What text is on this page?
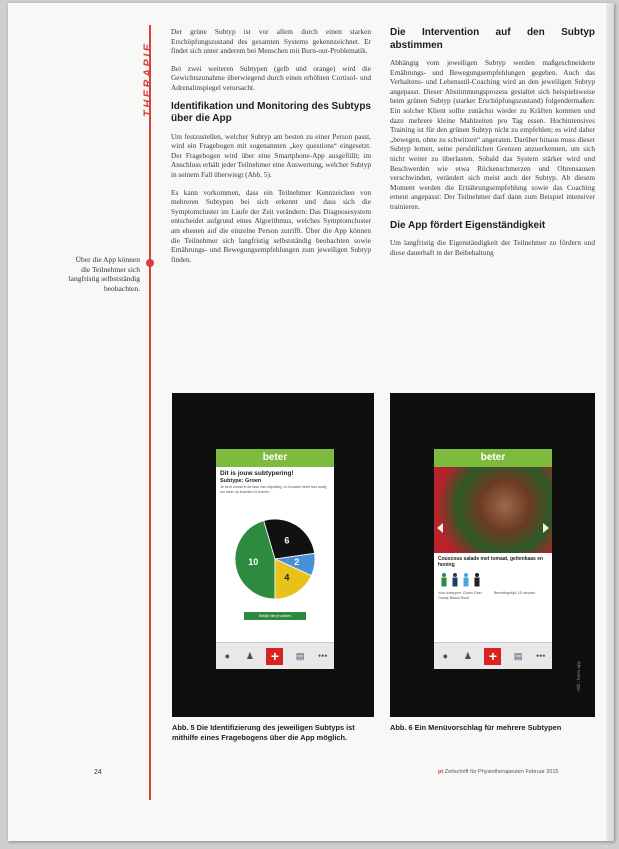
THERAPIE
Über die App können die Teilnehmer sich langfristig selbstständig beobachten.

Der grüne Subtyp ist vor allem durch einen starken Erschöpfungszustand des gesamten Systems gekennzeichnet. Er findet sich unter anderem bei Menschen mit Burn-out-Problematik.

Bei zwei weiteren Subtypen (gelb und orange) wird die Gewichtszunahme überwiegend durch einen erhöhten Cortisol- und Adrenalinspiegel verursacht.

Identifikation und Monitoring des Subtyps über die App

Um festzustellen, welcher Subtyp am besten zu einer Person passt, wird ein Fragebogen mit sogenannten „key questions“ eingesetzt. Der Fragebogen wird über eine Smartphone-App ausgefüllt; im Anschluss erhält jeder Teilnehmer eine Auswertung, welcher Subtyp in seinem Fall überwiegt (Abb. 5).

Es kann vorkommen, dass ein Teilnehmer Kennzeichen von mehreren Subtypen bei sich erkennt und dass sich die Symptomcluster im Laufe der Zeit verändern: Das Diagnosesystem entscheidet aufgrund eines Algorithmus, welches Symptomcluster am ehesten auf die einzelne Person zutrifft. Über die App können die Teilnehmer sich langfristig selbstständig beobachten sowie Ernährungs- und Bewegungsempfehlungen zum jeweiligen Subtyp finden.

Die Intervention auf den Subtyp abstimmen

Abhängig vom jeweiligen Subtyp werden maßgeschneiderte Ernährungs- und Bewegungsempfehlungen gegeben. Auch das Verhaltens- und Lebensstil-Coaching wird an den jeweiligen Subtyp angepasst. Dieser Abstimmungsprozess gestaltet sich beispielsweise beim grünen Subtyp (starker Erschöpfungszustand) folgendermaßen: Ein solcher Klient sollte zunächst wieder zu Kräften kommen und dazu mehrere kleine Mahlzeiten pro Tag essen. Hochintensives Training ist für den grünen Subtyp nicht zu empfehlen; es wird daher „bewegen, ohne zu schwitzen“ angeraten. Darüber hinaus muss dieser Subtyp lernen, seine persönlichen Grenzen anzuerkennen, um sich nicht weiter zu überlasten. Sobald das System stärker wird und Beschwerden wie etwa Rückenschmerzen und Ohrensausen verschwinden, verändert sich meist auch der Subtyp. Ab diesem Moment werden die Ernährungsempfehlung sowie das Coaching erneut angepasst: Der Teilnehmer darf dann zum Beispiel intensiver trainieren.

Die App fördert Eigenständigkeit

Um langfristig die Eigenständigkeit der Teilnehmer zu fördern und diese dauerhaft in der Beibehaltung

beter
Dit is jouw subtypering!
Subtype: Groen
Je bent vooral in de fase van uitputting. Je lichaam heeft rust nodig om weer op krachten te komen.
10
6
2
4
Bekijk hier je advies
●	♟	+	▤ •••
beter
Couscous salade met tomaat, geitenkaas en honing
Voor subtypen: Groen Geel Oranje Blauw Rood
Bereidingstijd: 15 minuten
●	♟	+	▤ •••
Abb.: beter.app
Abb. 5 Die Identifizierung des jeweiligen Subtyps ist mithilfe eines Fragebogens über die App möglich.
Abb. 6 Ein Menüvorschlag für mehrere Subtypen
24	pt Zeitschrift für Physiotherapeuten Februar 2015
